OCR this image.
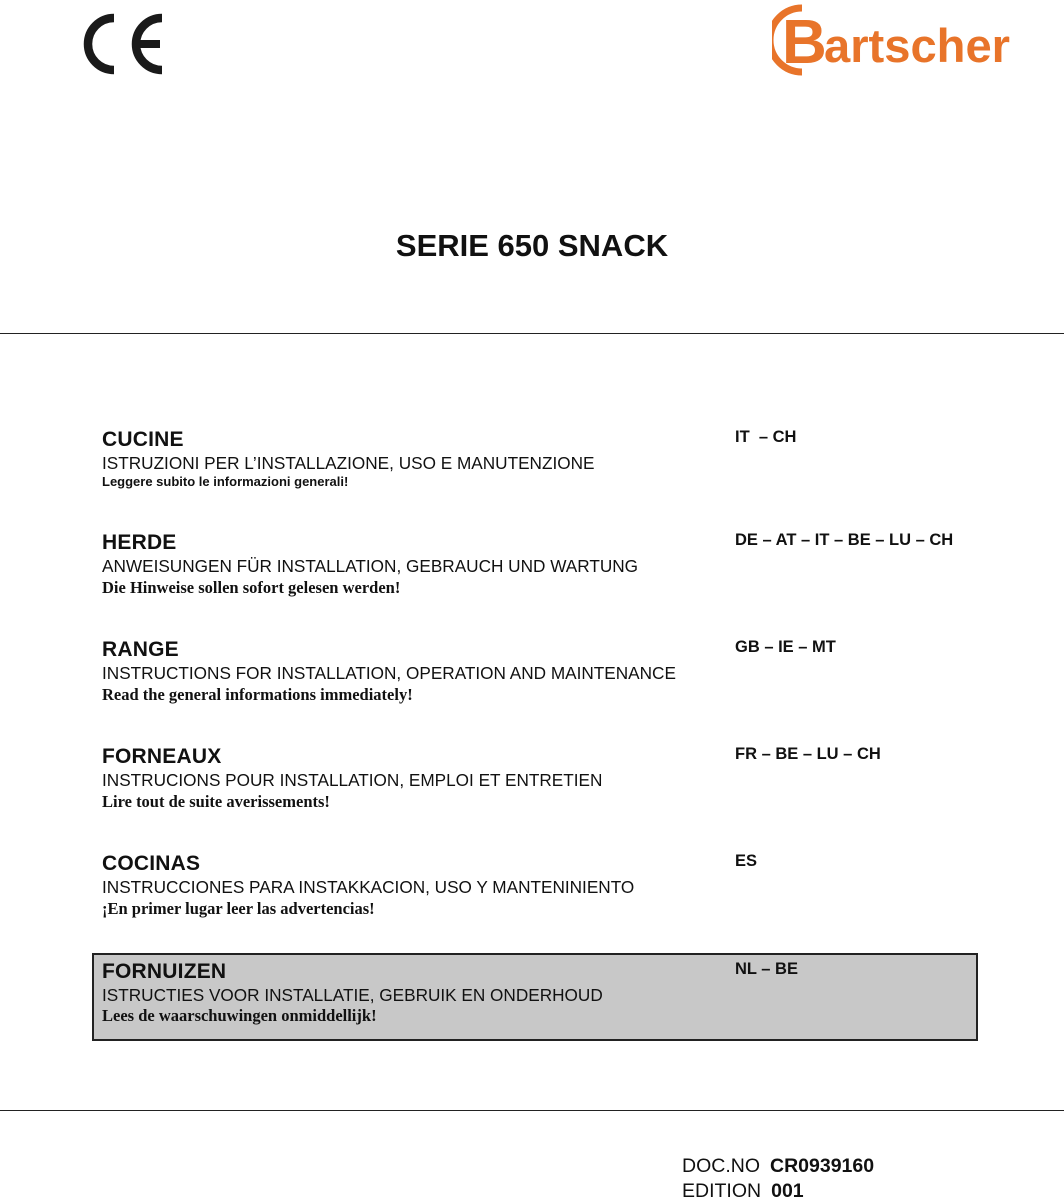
B
artscher
SERIE 650 SNACK
CUCINE
ISTRUZIONI PER L’INSTALLAZIONE, USO E MANUTENZIONE
Leggere subito le informazioni generali!
IT  – CH
HERDE
ANWEISUNGEN FÜR INSTALLATION, GEBRAUCH UND WARTUNG
Die Hinweise sollen sofort gelesen werden!
DE – AT – IT – BE – LU – CH
RANGE
INSTRUCTIONS FOR INSTALLATION, OPERATION AND MAINTENANCE
Read the general informations immediately!
GB – IE – MT
FORNEAUX
INSTRUCIONS POUR INSTALLATION, EMPLOI ET ENTRETIEN
Lire tout de suite averissements!
FR – BE – LU – CH
COCINAS
INSTRUCCIONES PARA INSTAKKACION, USO Y MANTENINIENTO
¡En primer lugar leer las advertencias!
ES
FORNUIZEN
ISTRUCTIES VOOR INSTALLATIE, GEBRUIK EN ONDERHOUD
Lees de waarschuwingen onmiddellijk!
NL – BE
DOC.NO CR0939160
EDITION 001
